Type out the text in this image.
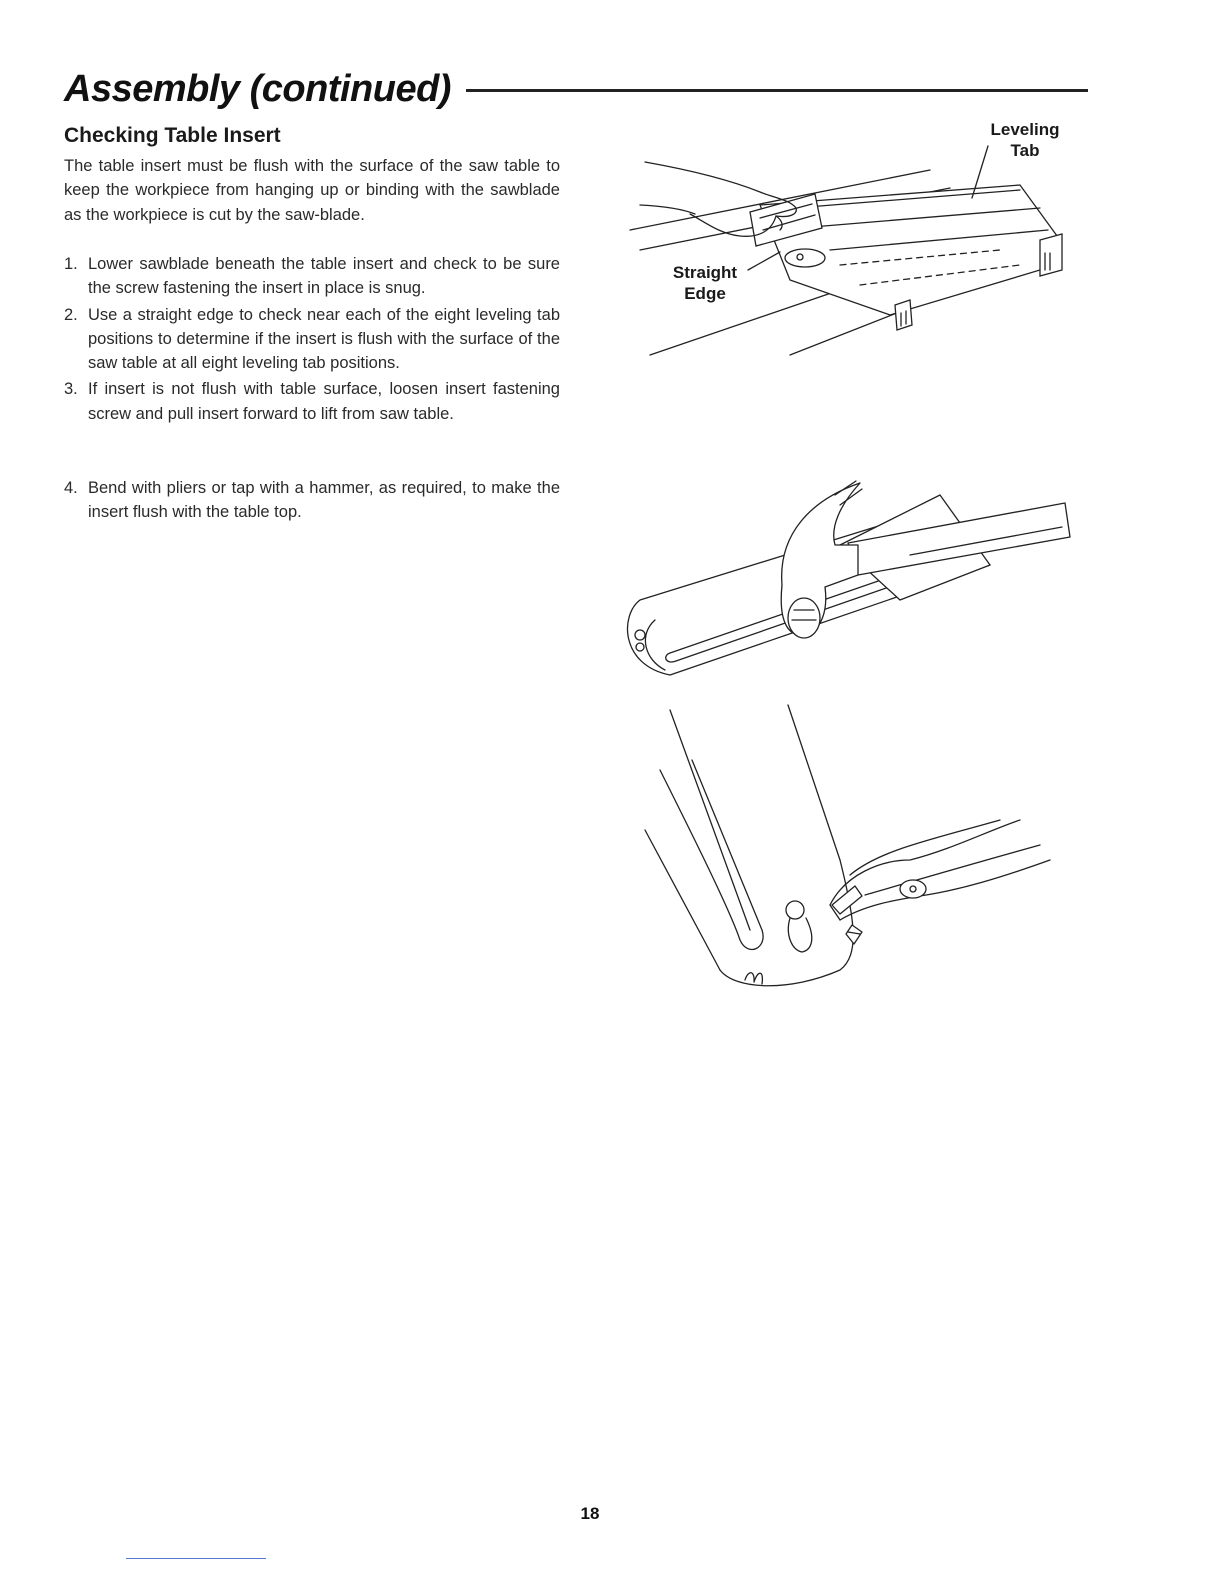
Assembly (continued)
Checking Table Insert

The table insert must be flush with the surface of the saw table to keep the workpiece from hanging up or binding with the sawblade as the workpiece is cut by the saw-blade.

1. Lower sawblade beneath the table insert and check to be sure the screw fastening the insert in place is snug.
2. Use a straight edge to check near each of the eight leveling tab positions to determine if the insert is flush with the surface of the saw table at all eight leveling tab positions.
3. If insert is not flush with table surface, loosen insert fastening screw and pull insert forward to lift from saw table.
4. Bend with pliers or tap with a hammer, as required, to make the insert flush with the table top.
Leveling
Tab
Straight
Edge
18
